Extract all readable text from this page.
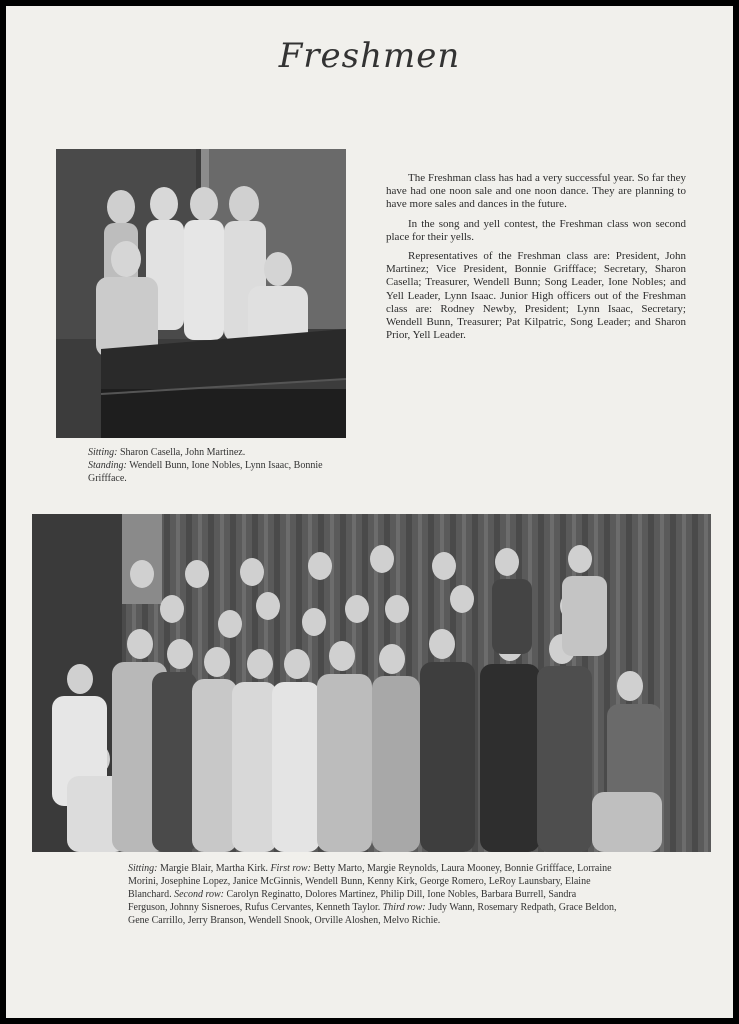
Freshmen
Sitting: Sharon Casella, John Martinez.
Standing: Wendell Bunn, Ione Nobles, Lynn Isaac, Bonnie Griffface.

The Freshman class has had a very successful year. So far they have had one noon sale and one noon dance. They are planning to have more sales and dances in the future.

In the song and yell contest, the Freshman class won second place for their yells.

Representatives of the Freshman class are: President, John Martinez; Vice President, Bonnie Griffface; Secretary, Sharon Casella; Treasurer, Wendell Bunn; Song Leader, Ione Nobles; and Yell Leader, Lynn Isaac. Junior High officers out of the Freshman class are: Rodney Newby, President; Lynn Isaac, Secretary; Wendell Bunn, Treasurer; Pat Kilpatric, Song Leader; and Sharon Prior, Yell Leader.

Sitting: Margie Blair, Martha Kirk. First row: Betty Marto, Margie Reynolds, Laura Mooney, Bonnie Griffface, Lorraine Morini, Josephine Lopez, Janice McGinnis, Wendell Bunn, Kenny Kirk, George Romero, LeRoy Launsbary, Elaine Blanchard. Second row: Carolyn Reginatto, Dolores Martinez, Philip Dill, Ione Nobles, Barbara Burrell, Sandra Ferguson, Johnny Sisneroes, Rufus Cervantes, Kenneth Taylor. Third row: Judy Wann, Rosemary Redpath, Grace Beldon, Gene Carrillo, Jerry Branson, Wendell Snook, Orville Aloshen, Melvo Richie.
